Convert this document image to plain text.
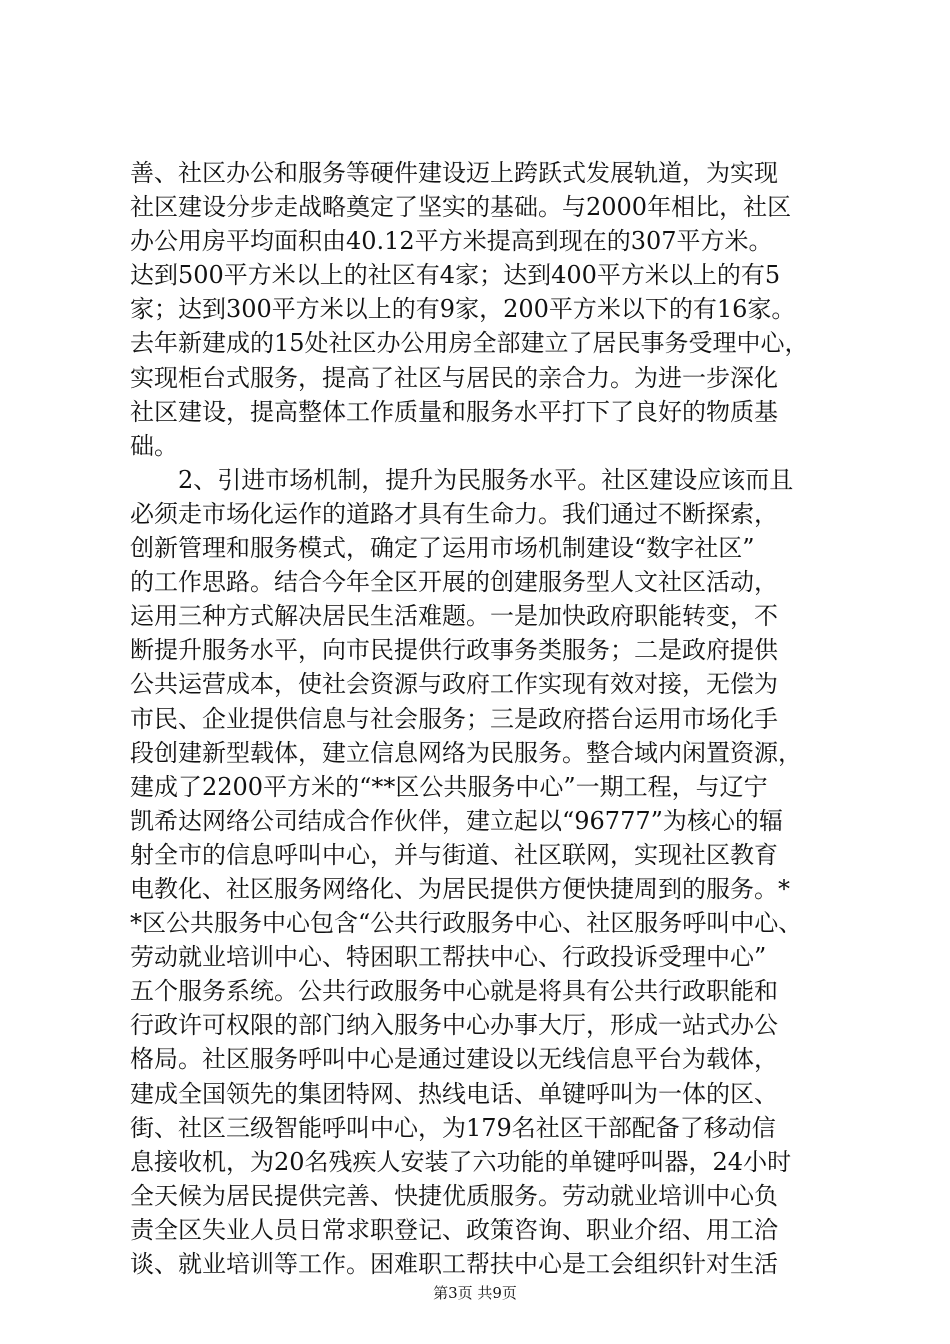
善、社区办公和服务等硬件建设迈上跨跃式发展轨道，为实现
社区建设分步走战略奠定了坚实的基础。与2000年相比，社区
办公用房平均面积由40.12平方米提高到现在的307平方米。
达到500平方米以上的社区有4家；达到400平方米以上的有5
家；达到300平方米以上的有9家，200平方米以下的有16家。
去年新建成的15处社区办公用房全部建立了居民事务受理中心，
实现柜台式服务，提高了社区与居民的亲合力。为进一步深化
社区建设，提高整体工作质量和服务水平打下了良好的物质基
础。
　　2、引进市场机制，提升为民服务水平。社区建设应该而且
必须走市场化运作的道路才具有生命力。我们通过不断探索，
创新管理和服务模式，确定了运用市场机制建设“数字社区”
的工作思路。结合今年全区开展的创建服务型人文社区活动，
运用三种方式解决居民生活难题。一是加快政府职能转变，不
断提升服务水平，向市民提供行政事务类服务；二是政府提供
公共运营成本，使社会资源与政府工作实现有效对接，无偿为
市民、企业提供信息与社会服务；三是政府搭台运用市场化手
段创建新型载体，建立信息网络为民服务。整合域内闲置资源，
建成了2200平方米的“**区公共服务中心”一期工程，与辽宁
凯希达网络公司结成合作伙伴，建立起以“96777”为核心的辐
射全市的信息呼叫中心，并与街道、社区联网，实现社区教育
电教化、社区服务网络化、为居民提供方便快捷周到的服务。*
*区公共服务中心包含“公共行政服务中心、社区服务呼叫中心、
劳动就业培训中心、特困职工帮扶中心、行政投诉受理中心”
五个服务系统。公共行政服务中心就是将具有公共行政职能和
行政许可权限的部门纳入服务中心办事大厅，形成一站式办公
格局。社区服务呼叫中心是通过建设以无线信息平台为载体，
建成全国领先的集团特网、热线电话、单键呼叫为一体的区、
街、社区三级智能呼叫中心，为179名社区干部配备了移动信
息接收机，为20名残疾人安装了六功能的单键呼叫器，24小时
全天候为居民提供完善、快捷优质服务。劳动就业培训中心负
责全区失业人员日常求职登记、政策咨询、职业介绍、用工洽
谈、就业培训等工作。困难职工帮扶中心是工会组织针对生活
第3页 共9页
